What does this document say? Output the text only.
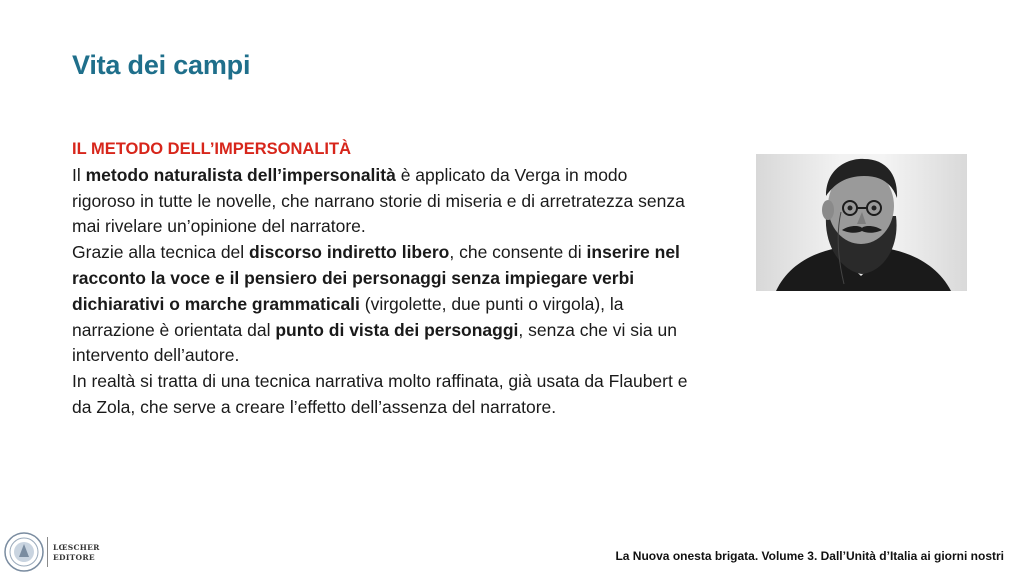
Vita dei campi
IL METODO DELL’IMPERSONALITÀ
Il metodo naturalista dell’impersonalità è applicato da Verga in modo rigoroso in tutte le novelle, che narrano storie di miseria e di arretratezza senza mai rivelare un’opinione del narratore.
Grazie alla tecnica del discorso indiretto libero, che consente di inserire nel racconto la voce e il pensiero dei personaggi senza impiegare verbi dichiarativi o marche grammaticali (virgolette, due punti o virgola), la narrazione è orientata dal punto di vista dei personaggi, senza che vi sia un intervento dell’autore.
In realtà si tratta di una tecnica narrativa molto raffinata, già usata da Flaubert e da Zola, che serve a creare l’effetto dell’assenza del narratore.
LŒSCHER
EDITORE	La Nuova onesta brigata. Volume 3. Dall’Unità d’Italia ai giorni nostri
